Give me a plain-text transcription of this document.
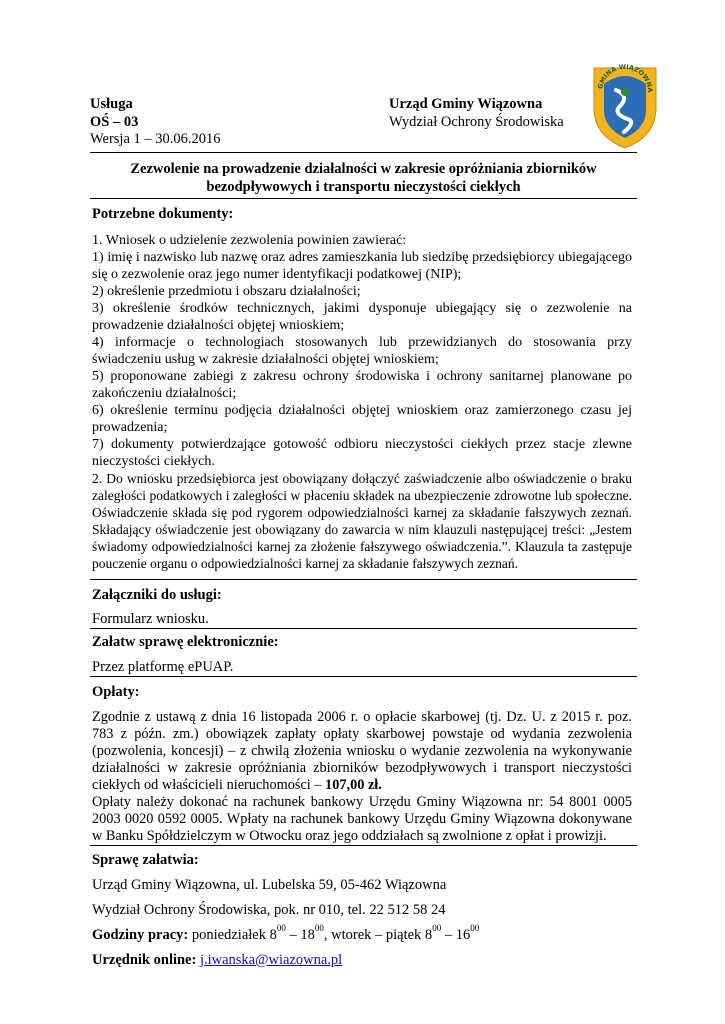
Usługa
OŚ – 03
Wersja 1 – 30.06.2016
Urząd Gminy Wiązowna
Wydział Ochrony Środowiska
GMINA WIĄZOWNA
Zezwolenie na prowadzenie działalności w zakresie opróżniania zbiorników
bezodpływowych i transportu nieczystości ciekłych
Potrzebne dokumenty:
1. Wniosek o udzielenie zezwolenia powinien zawierać:
1) imię i nazwisko lub nazwę oraz adres zamieszkania lub siedzibę przedsiębiorcy ubiegającego się o zezwolenie oraz jego numer identyfikacji podatkowej (NIP);
2) określenie przedmiotu i obszaru działalności;
3) określenie środków technicznych, jakimi dysponuje ubiegający się o zezwolenie na prowadzenie działalności objętej wnioskiem;
4) informacje o technologiach stosowanych lub przewidzianych do stosowania przy świadczeniu usług w zakresie działalności objętej wnioskiem;
5) proponowane zabiegi z zakresu ochrony środowiska i ochrony sanitarnej planowane po zakończeniu działalności;
6) określenie terminu podjęcia działalności objętej wnioskiem oraz zamierzonego czasu jej prowadzenia;
7) dokumenty potwierdzające gotowość odbioru nieczystości ciekłych przez stacje zlewne nieczystości ciekłych.
2. Do wniosku przedsiębiorca jest obowiązany dołączyć zaświadczenie albo oświadczenie o braku zaległości podatkowych i zaległości w płaceniu składek na ubezpieczenie zdrowotne lub społeczne. Oświadczenie składa się pod rygorem odpowiedzialności karnej za składanie fałszywych zeznań. Składający oświadczenie jest obowiązany do zawarcia w nim klauzuli następującej treści: „Jestem świadomy odpowiedzialności karnej za złożenie fałszywego oświadczenia.”. Klauzula ta zastępuje pouczenie organu o odpowiedzialności karnej za składanie fałszywych zeznań.
Załączniki do usługi:
Formularz wniosku.
Załatw sprawę elektronicznie:
Przez platformę ePUAP.
Opłaty:
Zgodnie z ustawą z dnia 16 listopada 2006 r. o opłacie skarbowej (tj. Dz. U. z 2015 r. poz. 783 z późn. zm.) obowiązek zapłaty opłaty skarbowej powstaje od wydania zezwolenia (pozwolenia, koncesji) – z chwilą złożenia wniosku o wydanie zezwolenia na wykonywanie działalności w zakresie opróżniania zbiorników bezodpływowych i transport nieczystości ciekłych od właścicieli nieruchomości – 107,00 zł.
Opłaty należy dokonać na rachunek bankowy Urzędu Gminy Wiązowna nr: 54 8001 0005 2003 0020 0592 0005. Wpłaty na rachunek bankowy Urzędu Gminy Wiązowna dokonywane w Banku Spółdzielczym w Otwocku oraz jego oddziałach są zwolnione z opłat i prowizji.
Sprawę załatwia:
Urząd Gminy Wiązowna, ul. Lubelska 59, 05-462 Wiązowna
Wydział Ochrony Środowiska, pok. nr 010, tel. 22 512 58 24
Godziny pracy: poniedziałek $8^{00} - 18^{00}$, wtorek – piątek $8^{00} - 16^{00}$
Urzędnik online: j.iwanska@wiazowna.pl
